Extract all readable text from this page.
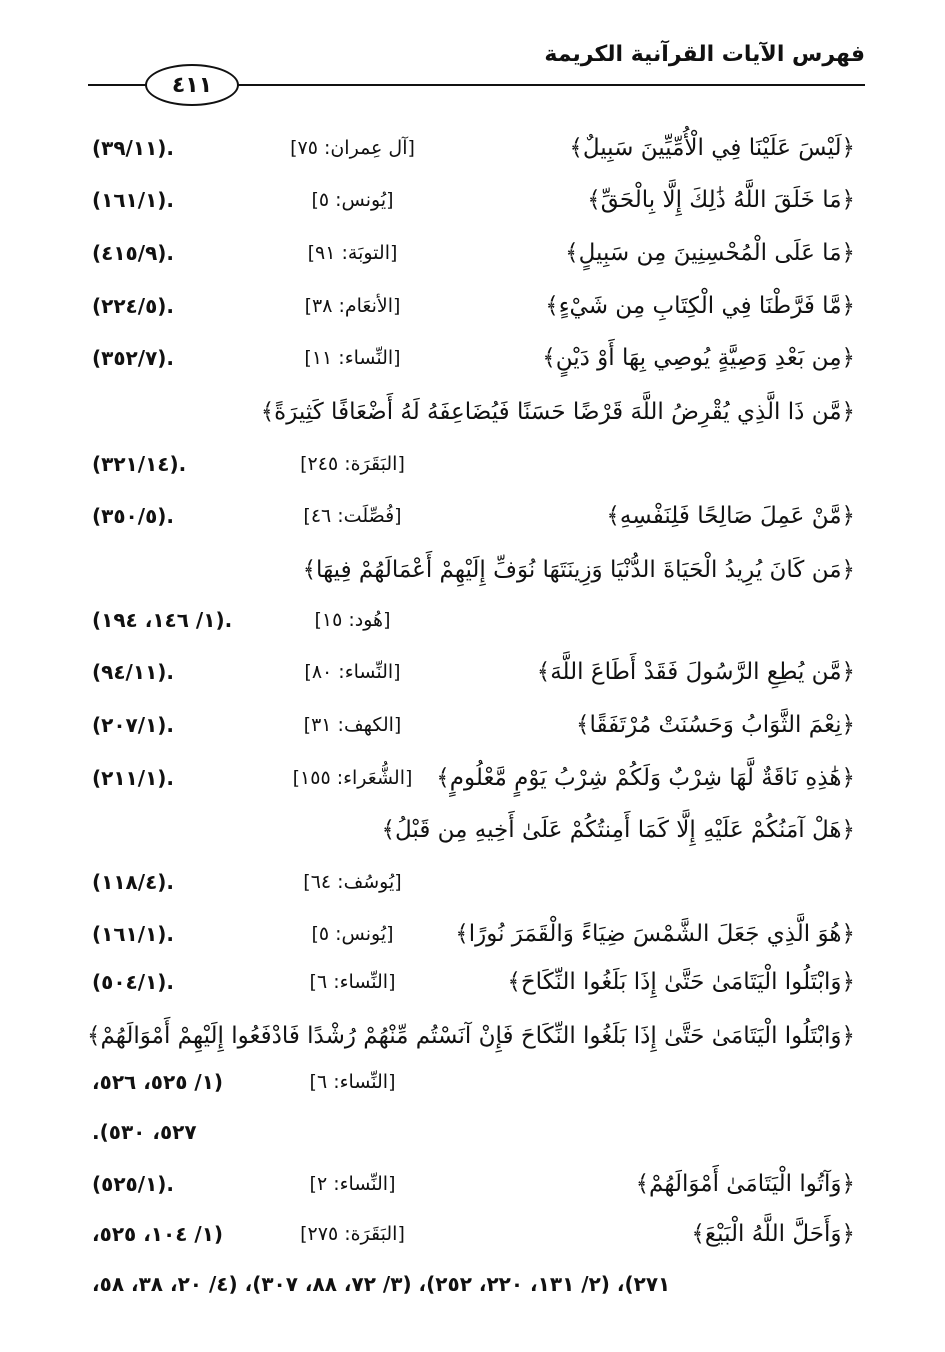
فهرس الآيات القرآنية الكريمة
٤١١
﴿لَيْسَ عَلَيْنَا فِي الْأُمِّيِّينَ سَبِيلٌ﴾
[آل عِمران: ٧٥]
.(٣٩/١١)
﴿مَا خَلَقَ اللَّهُ ذَٰلِكَ إِلَّا بِالْحَقِّ﴾
[يُونس: ٥]
.(١٦١/١)
﴿مَا عَلَى الْمُحْسِنِينَ مِن سَبِيلٍ﴾
[التوبَة: ٩١]
.(٤١٥/٩)
﴿مَّا فَرَّطْنَا فِي الْكِتَابِ مِن شَيْءٍ﴾
[الأنعَام: ٣٨]
.(٢٢٤/٥)
﴿مِن بَعْدِ وَصِيَّةٍ يُوصِي بِهَا أَوْ دَيْنٍ﴾
[النِّساء: ١١]
.(٣٥٢/٧)
﴿مَّن ذَا الَّذِي يُقْرِضُ اللَّهَ قَرْضًا حَسَنًا فَيُضَاعِفَهُ لَهُ أَضْعَافًا كَثِيرَةً﴾
[البَقَرَة: ٢٤٥]
.(٣٢١/١٤)
﴿مَّنْ عَمِلَ صَالِحًا فَلِنَفْسِهِ﴾
[فُصِّلَت: ٤٦]
.(٣٥٠/٥)
﴿مَن كَانَ يُرِيدُ الْحَيَاةَ الدُّنْيَا وَزِينَتَهَا نُوَفِّ إِلَيْهِمْ أَعْمَالَهُمْ فِيهَا﴾
[هُود: ١٥]
.(١/ ١٤٦، ١٩٤)
﴿مَّن يُطِعِ الرَّسُولَ فَقَدْ أَطَاعَ اللَّهَ﴾
[النِّساء: ٨٠]
.(٩٤/١١)
﴿نِعْمَ الثَّوَابُ وَحَسُنَتْ مُرْتَفَقًا﴾
[الكهف: ٣١]
.(٢٠٧/١)
﴿هَٰذِهِ نَاقَةٌ لَّهَا شِرْبٌ وَلَكُمْ شِرْبُ يَوْمٍ مَّعْلُومٍ﴾
[الشُّعَراء: ١٥٥]
.(٢١١/١)
﴿هَلْ آمَنُكُمْ عَلَيْهِ إِلَّا كَمَا أَمِنتُكُمْ عَلَىٰ أَخِيهِ مِن قَبْلُ﴾
[يُوسُف: ٦٤]
.(١١٨/٤)
﴿هُوَ الَّذِي جَعَلَ الشَّمْسَ ضِيَاءً وَالْقَمَرَ نُورًا﴾
[يُونس: ٥]
.(١٦١/١)
﴿وَابْتَلُوا الْيَتَامَىٰ حَتَّىٰ إِذَا بَلَغُوا النِّكَاحَ﴾
[النِّساء: ٦]
.(٥٠٤/١)
﴿وَابْتَلُوا الْيَتَامَىٰ حَتَّىٰ إِذَا بَلَغُوا النِّكَاحَ فَإِنْ آنَسْتُم مِّنْهُمْ رُشْدًا فَادْفَعُوا إِلَيْهِمْ أَمْوَالَهُمْ﴾
[النِّساء: ٦]
(١/ ٥٢٥، ٥٢٦،
٥٢٧، ٥٣٠).
﴿وَآتُوا الْيَتَامَىٰ أَمْوَالَهُمْ﴾
[النِّساء: ٢]
.(٥٢٥/١)
﴿وَأَحَلَّ اللَّهُ الْبَيْعَ﴾
[البَقَرَة: ٢٧٥]
(١/ ١٠٤، ٥٢٥،
٢٧١)، (٢/ ١٣١، ٢٢٠، ٢٥٢)، (٣/ ٧٢، ٨٨، ٣٠٧)، (٤/ ٢٠، ٣٨، ٥٨،
